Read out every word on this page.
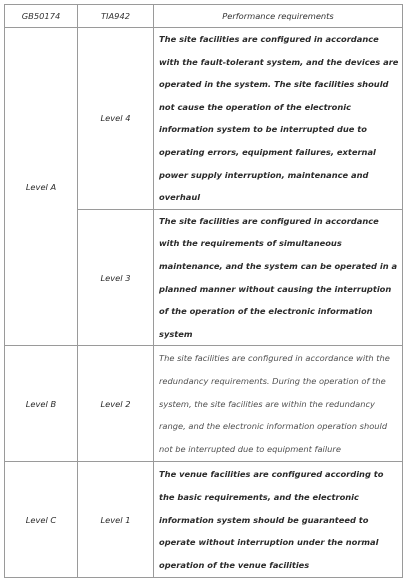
GB50174	TIA942	Performance requirements
Level A	Level 4	The site facilities are configured in accordance with the fault-tolerant system, and the devices are operated in the system. The site facilities should not cause the operation of the electronic information system to be interrupted due to operating errors, equipment failures, external power supply interruption, maintenance and overhaul
	Level 3	The site facilities are configured in accordance with the requirements of simultaneous maintenance, and the system can be operated in a planned manner without causing the interruption of the operation of the electronic information system
Level B	Level 2	The site facilities are configured in accordance with the redundancy requirements. During the operation of the system, the site facilities are within the redundancy range, and the electronic information operation should not be interrupted due to equipment failure
Level C	Level 1	The venue facilities are configured according to the basic requirements, and the electronic information system should be guaranteed to operate without interruption under the normal operation of the venue facilities
